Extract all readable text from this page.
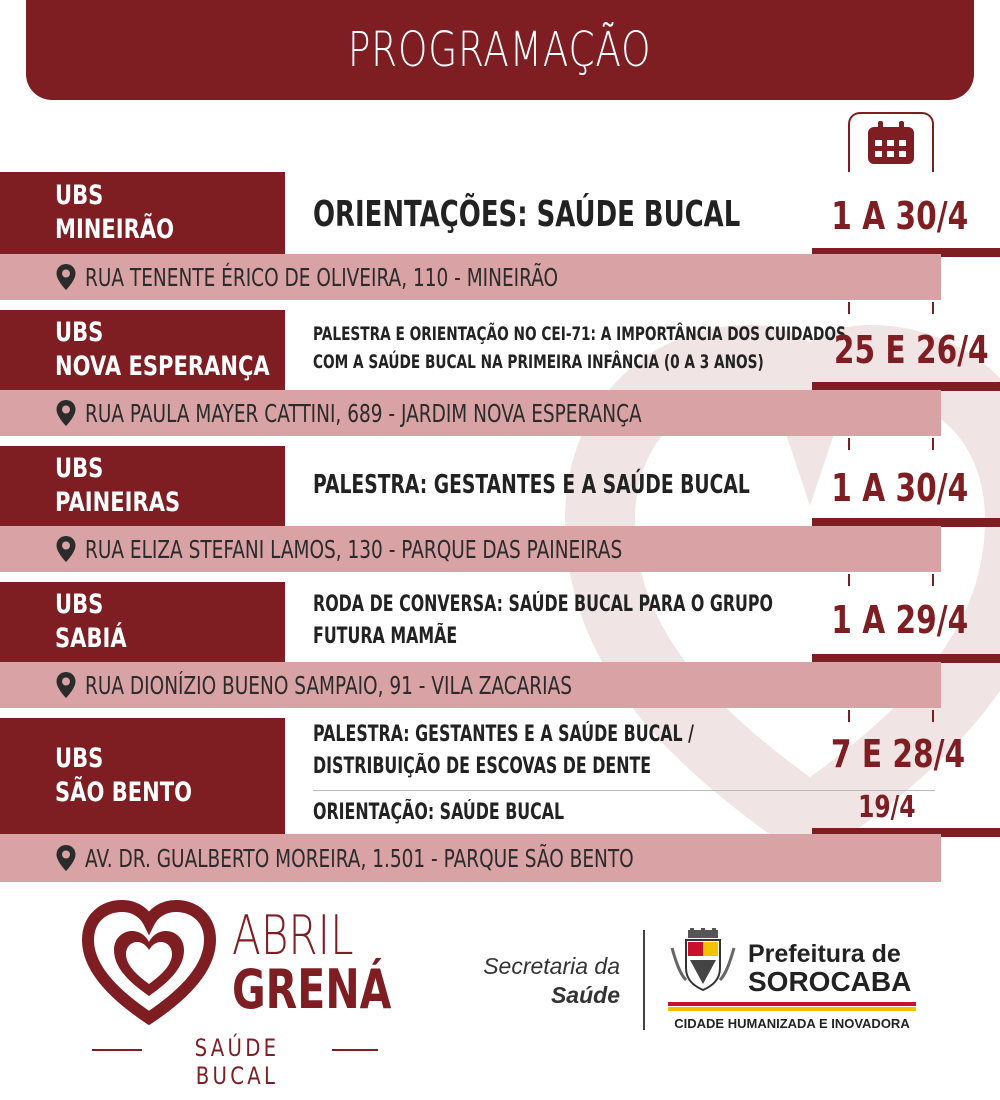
PROGRAMAÇÃO
UBS
MINEIRÃO	ORIENTAÇÕES: SAÚDE BUCAL	1 A 30/4
RUA TENENTE ÉRICO DE OLIVEIRA, 110 - MINEIRÃO
UBS
NOVA ESPERANÇA
PALESTRA E ORIENTAÇÃO NO CEI-71: A IMPORTÂNCIA DOS CUIDADOS
COM A SAÚDE BUCAL NA PRIMEIRA INFÂNCIA (0 A 3 ANOS)	25 E 26/4
RUA PAULA MAYER CATTINI, 689 - JARDIM NOVA ESPERANÇA
UBS
PAINEIRAS
PALESTRA: GESTANTES E A SAÚDE BUCAL	1 A 30/4
RUA ELIZA STEFANI LAMOS, 130 - PARQUE DAS PAINEIRAS
UBS
SABIÁ
RODA DE CONVERSA: SAÚDE BUCAL PARA O GRUPO
FUTURA MAMÃE	1 A 29/4
RUA DIONÍZIO BUENO SAMPAIO, 91 - VILA ZACARIAS
UBS
SÃO BENTO
PALESTRA: GESTANTES E A SAÚDE BUCAL /
DISTRIBUIÇÃO DE ESCOVAS DE DENTE	7 E 28/4
ORIENTAÇÃO: SAÚDE BUCAL	19/4
AV. DR. GUALBERTO MOREIRA, 1.501 - PARQUE SÃO BENTO
ABRIL
GRENÁ
SAÚDE BUCAL
Secretaria da
Saúde
Prefeitura de
SOROCABA
CIDADE HUMANIZADA E INOVADORA
